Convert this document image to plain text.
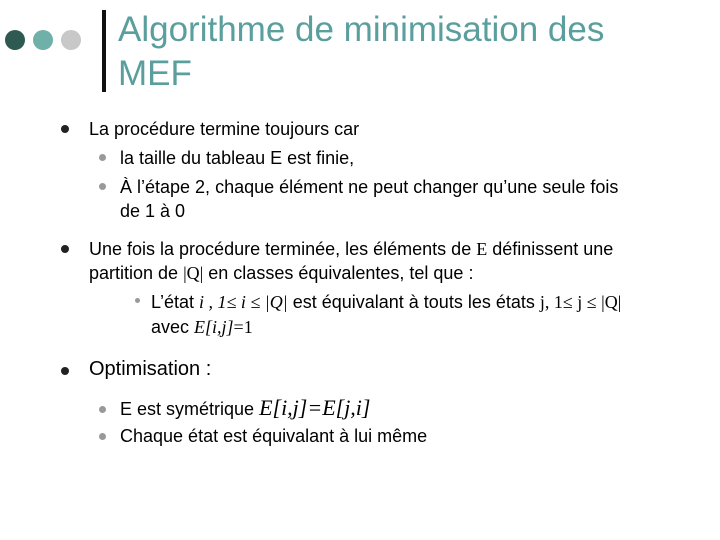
Algorithme de minimisation des
MEF
La procédure termine toujours car
la taille du tableau E est finie,
À l’étape 2, chaque élément ne peut changer qu’une seule fois
de 1 à 0
Une fois la procédure terminée, les éléments de E définissent une
partition de |Q| en classes équivalentes, tel que :
L’état i , 1≤ i ≤ |Q| est équivalant à touts les états j, 1≤ j ≤ |Q|
avec E[i,j]=1
Optimisation :
E est symétrique E[i,j]=E[j,i]
Chaque état est équivalant à lui même
